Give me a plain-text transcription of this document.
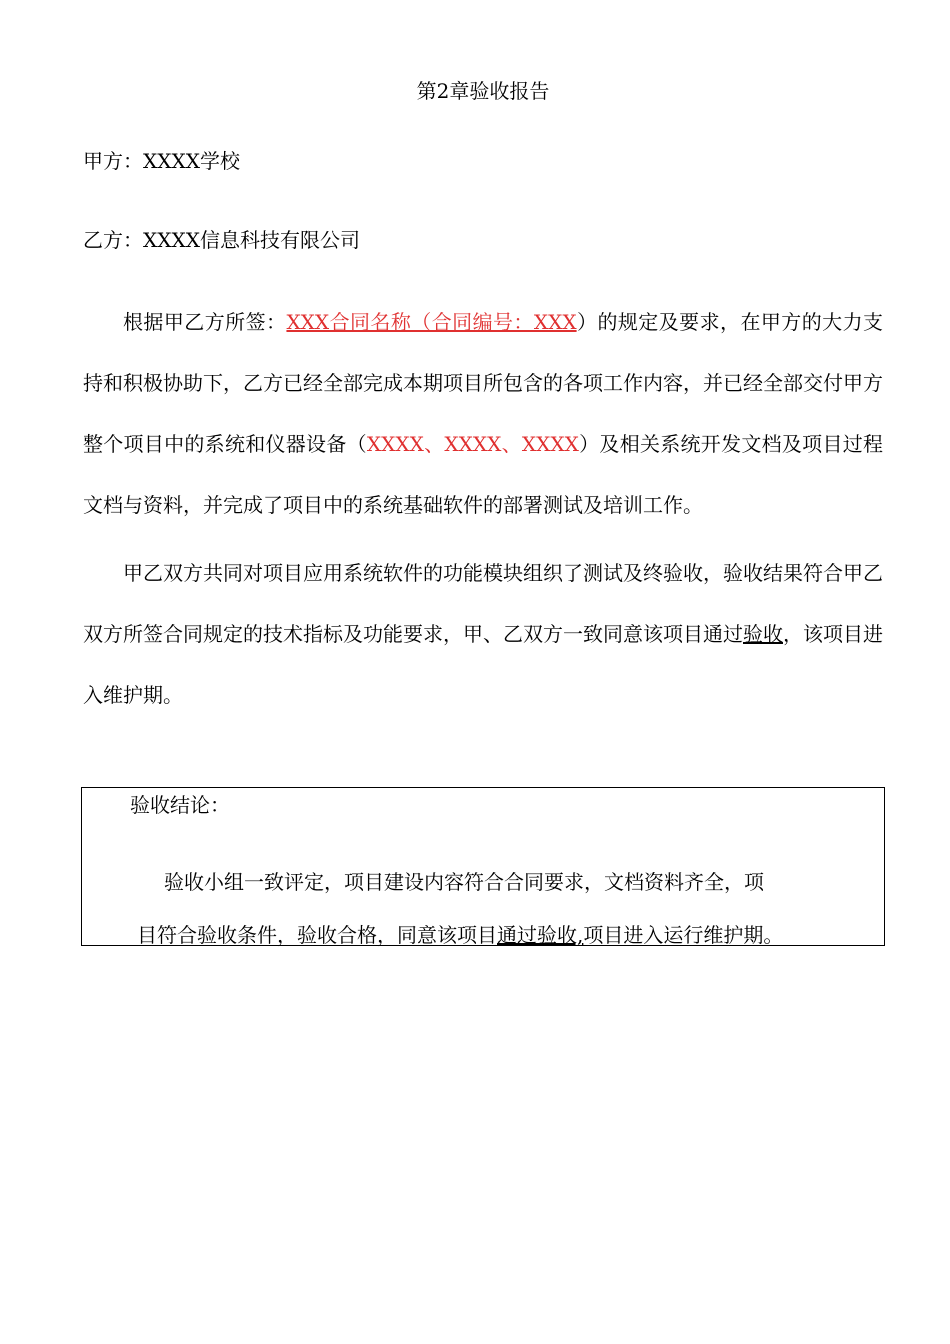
第2章验收报告
甲方：XXXX学校
乙方：XXXX信息科技有限公司
根据甲乙方所签：XXX合同名称（合同编号：XXX）的规定及要求，在甲方的大力支持和积极协助下，乙方已经全部完成本期项目所包含的各项工作内容，并已经全部交付甲方整个项目中的系统和仪器设备（XXXX、XXXX、XXXX）及相关系统开发文档及项目过程文档与资料，并完成了项目中的系统基础软件的部署测试及培训工作。
甲乙双方共同对项目应用系统软件的功能模块组织了测试及终验收，验收结果符合甲乙双方所签合同规定的技术指标及功能要求，甲、乙双方一致同意该项目通过验收，该项目进入维护期。
验收结论：
验收小组一致评定，项目建设内容符合合同要求，文档资料齐全，项
目符合验收条件，验收合格，同意该项目通过验收,项目进入运行维护期。
